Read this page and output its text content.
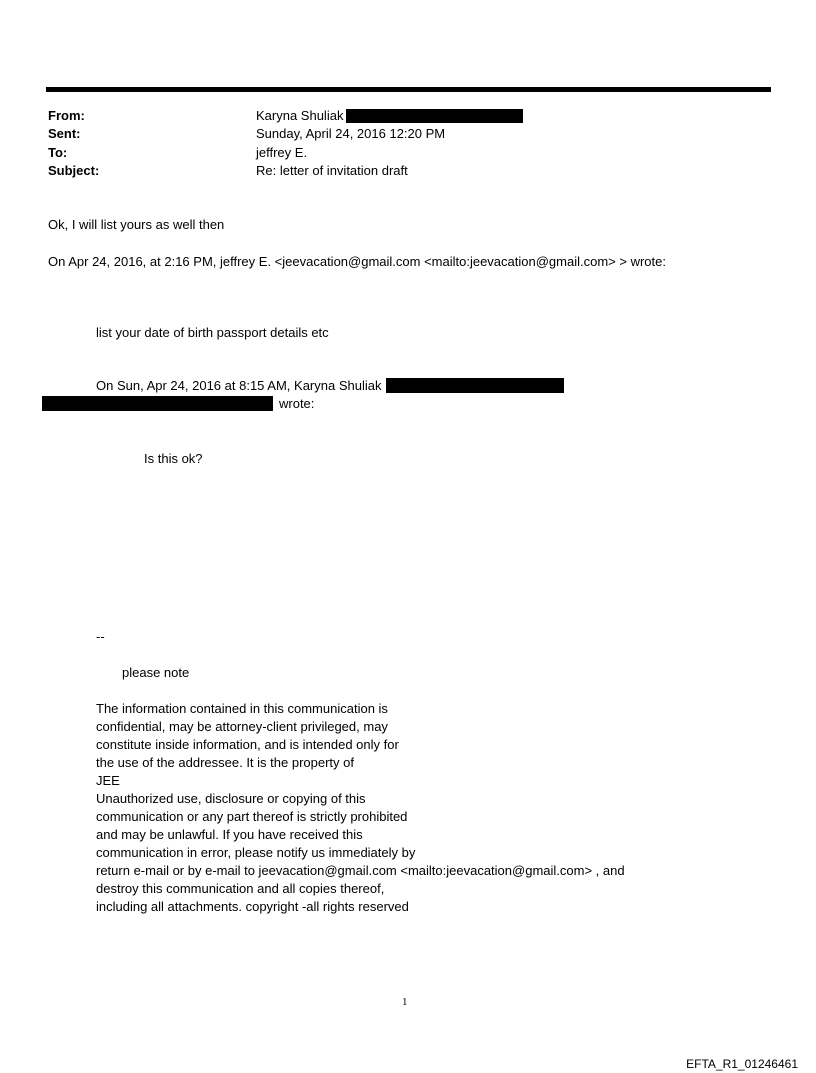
From:	Karyna Shuliak
Sent:	Sunday, April 24, 2016 12:20 PM
To:	jeffrey E.
Subject:	Re: letter of invitation draft
Ok, I will list yours as well then
On Apr 24, 2016, at 2:16 PM, jeffrey E. <jeevacation@gmail.com <mailto:jeevacation@gmail.com> > wrote:
list your date of birth passport details etc
On Sun, Apr 24, 2016 at 8:15 AM, Karyna Shuliak
wrote:
Is this ok?
--
please note
The information contained in this communication is
confidential, may be attorney-client privileged, may
constitute inside information, and is intended only for
the use of the addressee. It is the property of
JEE
Unauthorized use, disclosure or copying of this
communication or any part thereof is strictly prohibited
and may be unlawful. If you have received this
communication in error, please notify us immediately by
return e-mail or by e-mail to jeevacation@gmail.com <mailto:jeevacation@gmail.com> , and
destroy this communication and all copies thereof,
including all attachments. copyright -all rights reserved
1
EFTA_R1_01246461
